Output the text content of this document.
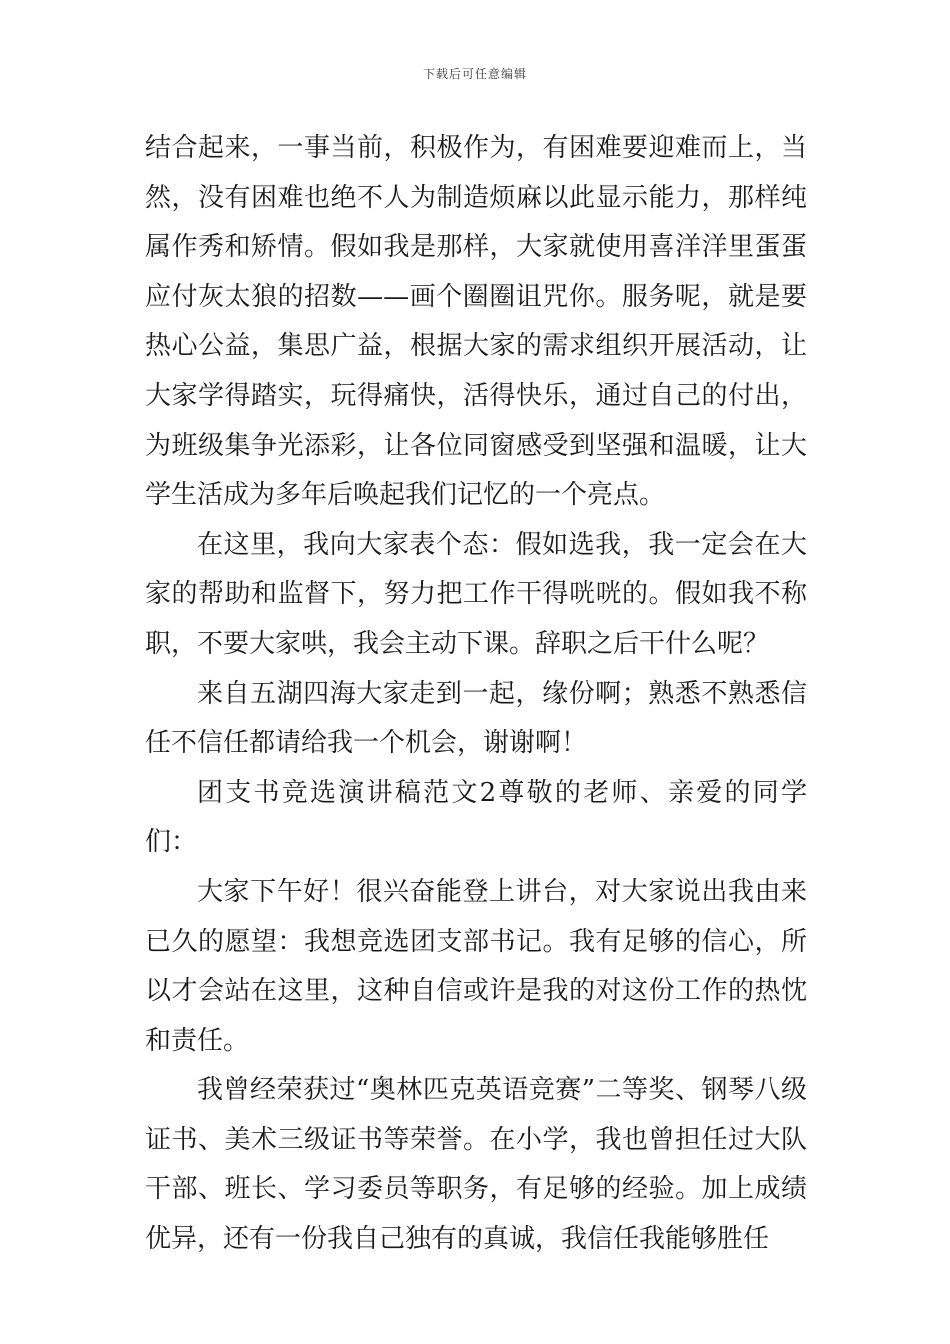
下载后可任意编辑

结合起来，一事当前，积极作为，有困难要迎难而上，当然，没有困难也绝不人为制造烦麻以此显示能力，那样纯属作秀和矫情。假如我是那样，大家就使用喜洋洋里蛋蛋应付灰太狼的招数——画个圈圈诅咒你。服务呢，就是要热心公益，集思广益，根据大家的需求组织开展活动，让大家学得踏实，玩得痛快，活得快乐，通过自己的付出，为班级集争光添彩，让各位同窗感受到坚强和温暖，让大学生活成为多年后唤起我们记忆的一个亮点。

在这里，我向大家表个态：假如选我，我一定会在大家的帮助和监督下，努力把工作干得咣咣的。假如我不称职，不要大家哄，我会主动下课。辞职之后干什么呢？

来自五湖四海大家走到一起，缘份啊；熟悉不熟悉信任不信任都请给我一个机会，谢谢啊！

团支书竞选演讲稿范文2尊敬的老师、亲爱的同学们：

大家下午好！很兴奋能登上讲台，对大家说出我由来已久的愿望：我想竞选团支部书记。我有足够的信心，所以才会站在这里，这种自信或许是我的对这份工作的热忱和责任。

我曾经荣获过“奥林匹克英语竞赛”二等奖、钢琴八级证书、美术三级证书等荣誉。在小学，我也曾担任过大队干部、班长、学习委员等职务，有足够的经验。加上成绩优异，还有一份我自己独有的真诚，我信任我能够胜任
